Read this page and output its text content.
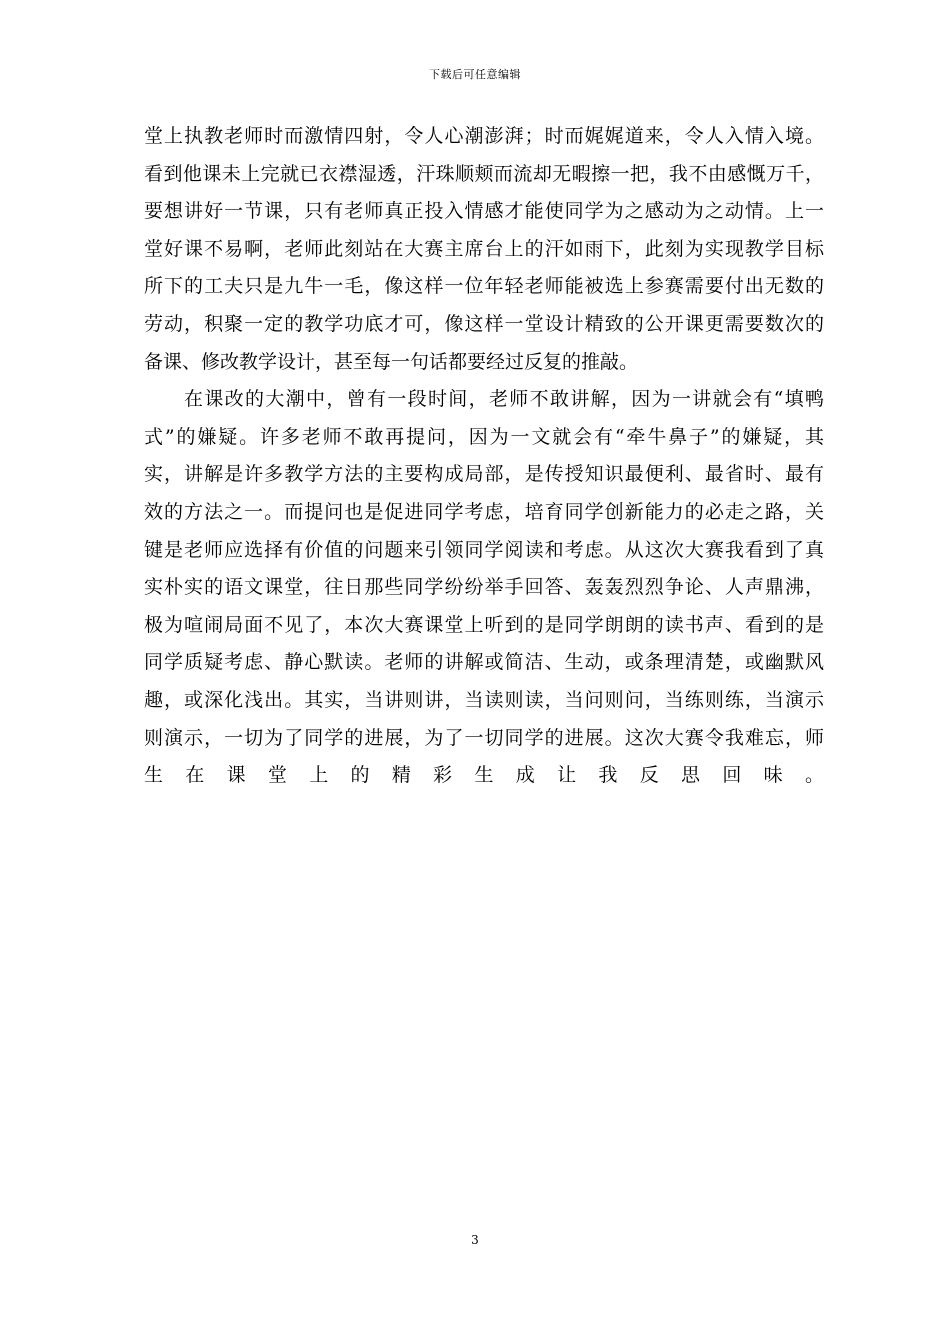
下载后可任意编辑
堂上执教老师时而激情四射，令人心潮澎湃；时而娓娓道来，令人入情入境。
看到他课未上完就已衣襟湿透，汗珠顺颊而流却无暇擦一把，我不由感慨万千，
要想讲好一节课，只有老师真正投入情感才能使同学为之感动为之动情。上一
堂好课不易啊，老师此刻站在大赛主席台上的汗如雨下，此刻为实现教学目标
所下的工夫只是九牛一毛，像这样一位年轻老师能被选上参赛需要付出无数的
劳动，积聚一定的教学功底才可，像这样一堂设计精致的公开课更需要数次的
备课、修改教学设计，甚至每一句话都要经过反复的推敲。
在课改的大潮中，曾有一段时间，老师不敢讲解，因为一讲就会有“填鸭
式”的嫌疑。许多老师不敢再提问，因为一文就会有“牵牛鼻子”的嫌疑，其
实，讲解是许多教学方法的主要构成局部，是传授知识最便利、最省时、最有
效的方法之一。而提问也是促进同学考虑，培育同学创新能力的必走之路，关
键是老师应选择有价值的问题来引领同学阅读和考虑。从这次大赛我看到了真
实朴实的语文课堂，往日那些同学纷纷举手回答、轰轰烈烈争论、人声鼎沸，
极为喧闹局面不见了，本次大赛课堂上听到的是同学朗朗的读书声、看到的是
同学质疑考虑、静心默读。老师的讲解或简洁、生动，或条理清楚，或幽默风
趣，或深化浅出。其实，当讲则讲，当读则读，当问则问，当练则练，当演示
则演示，一切为了同学的进展，为了一切同学的进展。这次大赛令我难忘，师
生在课堂上的精彩生成让我反思回味。
3
